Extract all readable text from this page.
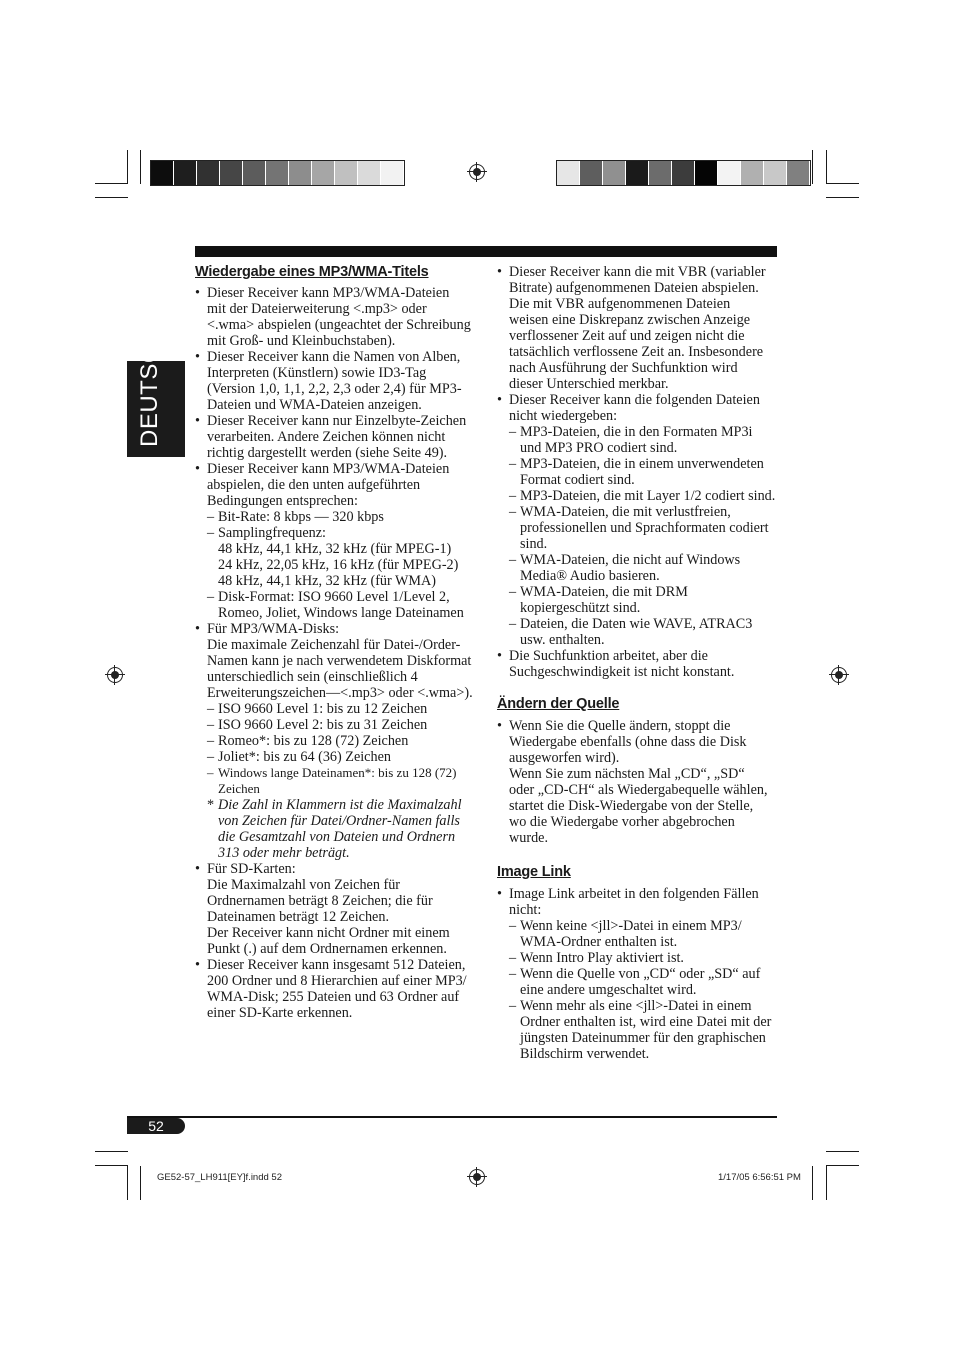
DEUTSCH

Wiedergabe eines MP3/WMA-Titels

• Dieser Receiver kann MP3/WMA-Dateien

mit der Dateierweiterung <.mp3> oder

<.wma> abspielen (ungeachtet der Schreibung

mit Groß- und Kleinbuchstaben).

• Dieser Receiver kann die Namen von Alben,

Interpreten (Künstlern) sowie ID3-Tag

(Version 1,0, 1,1, 2,2, 2,3 oder 2,4) für MP3-

Dateien und WMA-Dateien anzeigen.

• Dieser Receiver kann nur Einzelbyte-Zeichen

verarbeiten. Andere Zeichen können nicht

richtig dargestellt werden (siehe Seite 49).

• Dieser Receiver kann MP3/WMA-Dateien

abspielen, die den unten aufgeführten

Bedingungen entsprechen:

– Bit-Rate: 8 kbps — 320 kbps

– Samplingfrequenz:

48 kHz, 44,1 kHz, 32 kHz (für MPEG-1)

24 kHz, 22,05 kHz, 16 kHz (für MPEG-2)

48 kHz, 44,1 kHz, 32 kHz (für WMA)

– Disk-Format: ISO 9660 Level 1/Level 2,

Romeo, Joliet, Windows lange Dateinamen

• Für MP3/WMA-Disks:

Die maximale Zeichenzahl für Datei-/Order-

Namen kann je nach verwendetem Diskformat

unterschiedlich sein (einschließlich 4

Erweiterungszeichen—<.mp3> oder <.wma>).

– ISO 9660 Level 1: bis zu 12 Zeichen

– ISO 9660 Level 2: bis zu 31 Zeichen

– Romeo*: bis zu 128 (72) Zeichen

– Joliet*: bis zu 64 (36) Zeichen

– Windows lange Dateinamen*: bis zu 128 (72)

Zeichen

* Die Zahl in Klammern ist die Maximalzahl

von Zeichen für Datei/Ordner-Namen falls

die Gesamtzahl von Dateien und Ordnern

313 oder mehr beträgt.

• Für SD-Karten:

Die Maximalzahl von Zeichen für

Ordnernamen beträgt 8 Zeichen; die für

Dateinamen beträgt 12 Zeichen.

Der Receiver kann nicht Ordner mit einem

Punkt (.) auf dem Ordnernamen erkennen.

• Dieser Receiver kann insgesamt 512 Dateien,

200 Ordner und 8 Hierarchien auf einer MP3/

WMA-Disk; 255 Dateien und 63 Ordner auf

einer SD-Karte erkennen.

• Dieser Receiver kann die mit VBR (variabler

Bitrate) aufgenommenen Dateien abspielen.

Die mit VBR aufgenommenen Dateien

weisen eine Diskrepanz zwischen Anzeige

verflossener Zeit auf und zeigen nicht die

tatsächlich verflossene Zeit an. Insbesondere

nach Ausführung der Suchfunktion wird

dieser Unterschied merkbar.

• Dieser Receiver kann die folgenden Dateien

nicht wiedergeben:

– MP3-Dateien, die in den Formaten MP3i

und MP3 PRO codiert sind.

– MP3-Dateien, die in einem unverwendeten

Format codiert sind.

– MP3-Dateien, die mit Layer 1/2 codiert sind.

– WMA-Dateien, die mit verlustfreien,

professionellen und Sprachformaten codiert

sind.

– WMA-Dateien, die nicht auf Windows

Media® Audio basieren.

– WMA-Dateien, die mit DRM

kopiergeschützt sind.

– Dateien, die Daten wie WAVE, ATRAC3

usw. enthalten.

• Die Suchfunktion arbeitet, aber die

Suchgeschwindigkeit ist nicht konstant.

Ändern der Quelle

• Wenn Sie die Quelle ändern, stoppt die

Wiedergabe ebenfalls (ohne dass die Disk

ausgeworfen wird).

Wenn Sie zum nächsten Mal „CD“, „SD“

oder „CD-CH“ als Wiedergabequelle wählen,

startet die Disk-Wiedergabe von der Stelle,

wo die Wiedergabe vorher abgebrochen

wurde.

Image Link

• Image Link arbeitet in den folgenden Fällen

nicht:

– Wenn keine <jll>-Datei in einem MP3/

WMA-Ordner enthalten ist.

– Wenn Intro Play aktiviert ist.

– Wenn die Quelle von „CD“ oder „SD“ auf

eine andere umgeschaltet wird.

– Wenn mehr als eine <jll>-Datei in einem

Ordner enthalten ist, wird eine Datei mit der

jüngsten Dateinummer für den graphischen

Bildschirm verwendet.

52
GE52-57_LH911[EY]f.indd 52	1/17/05 6:56:51 PM
